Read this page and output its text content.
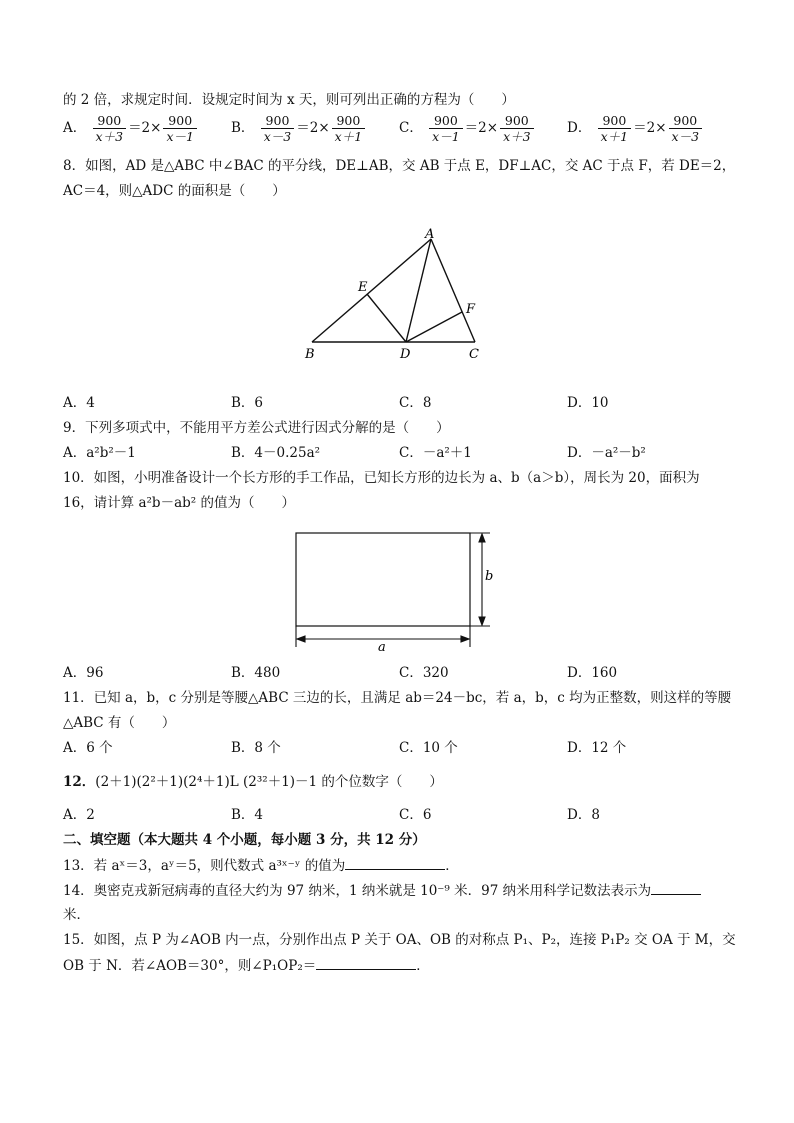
的 2 倍，求规定时间．设规定时间为 x 天，则可列出正确的方程为（　　）
A． $\frac{900}{x+3} =2\times \frac{900}{x-1}$	B． $\frac{900}{x-3} =2\times \frac{900}{x+1}$	C． $\frac{900}{x-1} =2\times \frac{900}{x+3}$ D． $\frac{900}{x+1} =2\times \frac{900}{x-3}$
8．如图，AD 是△ABC 中∠BAC 的平分线，DE⊥AB，交 AB 于点 E，DF⊥AC，交 AC 于点 F，若 DE＝2，
AC＝4，则△ADC 的面积是（　　）
A
B	C
D
E
F
A．4	B．6	C．8	D．10
9．下列多项式中，不能用平方差公式进行因式分解的是（　　）
A．a²b²－1	B．4－0.25a²	C．－a²＋1	D．－a²－b²
10．如图，小明准备设计一个长方形的手工作品，已知长方形的边长为 a、b（a＞b），周长为 20，面积为
16，请计算 a²b－ab² 的值为（　　）
b
a
A．96	B．480	C．320	D．160
11．已知 a，b，c 分别是等腰△ABC 三边的长，且满足 ab＝24－bc，若 a，b，c 均为正整数，则这样的等腰
△ABC 有（　　）
A．6 个	B．8 个	C．10 个	D．12 个
12．(2＋1)(2²＋1)(2⁴＋1)L (2³²＋1)－1 的个位数字（　　）
A．2	B．4	C．6	D．8
二、填空题（本大题共 4 个小题，每小题 3 分，共 12 分）
13．若 aˣ＝3，aʸ＝5，则代数式 a³ˣ⁻ʸ 的值为	．
14．奥密克戎新冠病毒的直径大约为 97 纳米，1 纳米就是 10⁻⁹ 米．97 纳米用科学记数法表示为
米．
15．如图，点 P 为∠AOB 内一点，分别作出点 P 关于 OA、OB 的对称点 P₁、P₂，连接 P₁P₂ 交 OA 于 M，交
OB 于 N．若∠AOB＝30°，则∠P₁OP₂＝	．
